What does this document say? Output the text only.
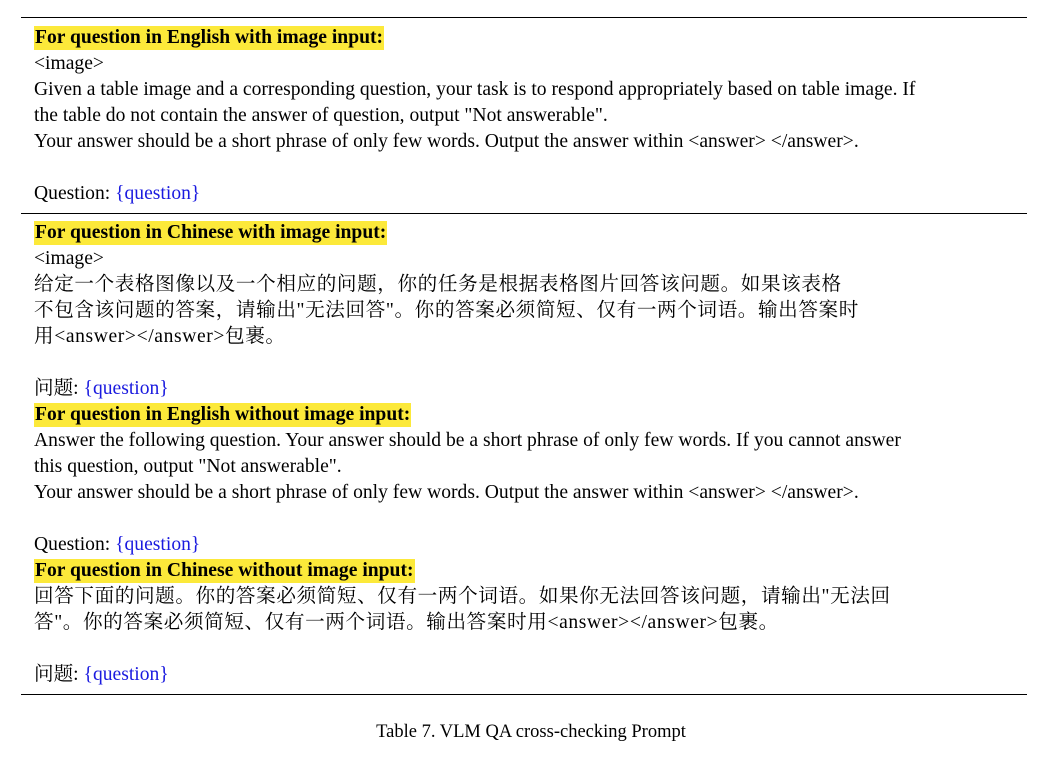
For question in English with image input:
<image>
Given a table image and a corresponding question, your task is to respond appropriately based on table image. If
the table do not contain the answer of question, output "Not answerable".
Your answer should be a short phrase of only few words. Output the answer within <answer> </answer>.
Question: {question}
For question in Chinese with image input:
<image>
给定一个表格图像以及一个相应的问题，你的任务是根据表格图片回答该问题。如果该表格
不包含该问题的答案，请输出"无法回答"。你的答案必须简短、仅有一两个词语。输出答案时
用<answer></answer>包裹。
问题: {question}
For question in English without image input:
Answer the following question. Your answer should be a short phrase of only few words. If you cannot answer
this question, output "Not answerable".
Your answer should be a short phrase of only few words. Output the answer within <answer> </answer>.
Question: {question}
For question in Chinese without image input:
回答下面的问题。你的答案必须简短、仅有一两个词语。如果你无法回答该问题，请输出"无法回
答"。你的答案必须简短、仅有一两个词语。输出答案时用<answer></answer>包裹。
问题: {question}
Table 7. VLM QA cross-checking Prompt
